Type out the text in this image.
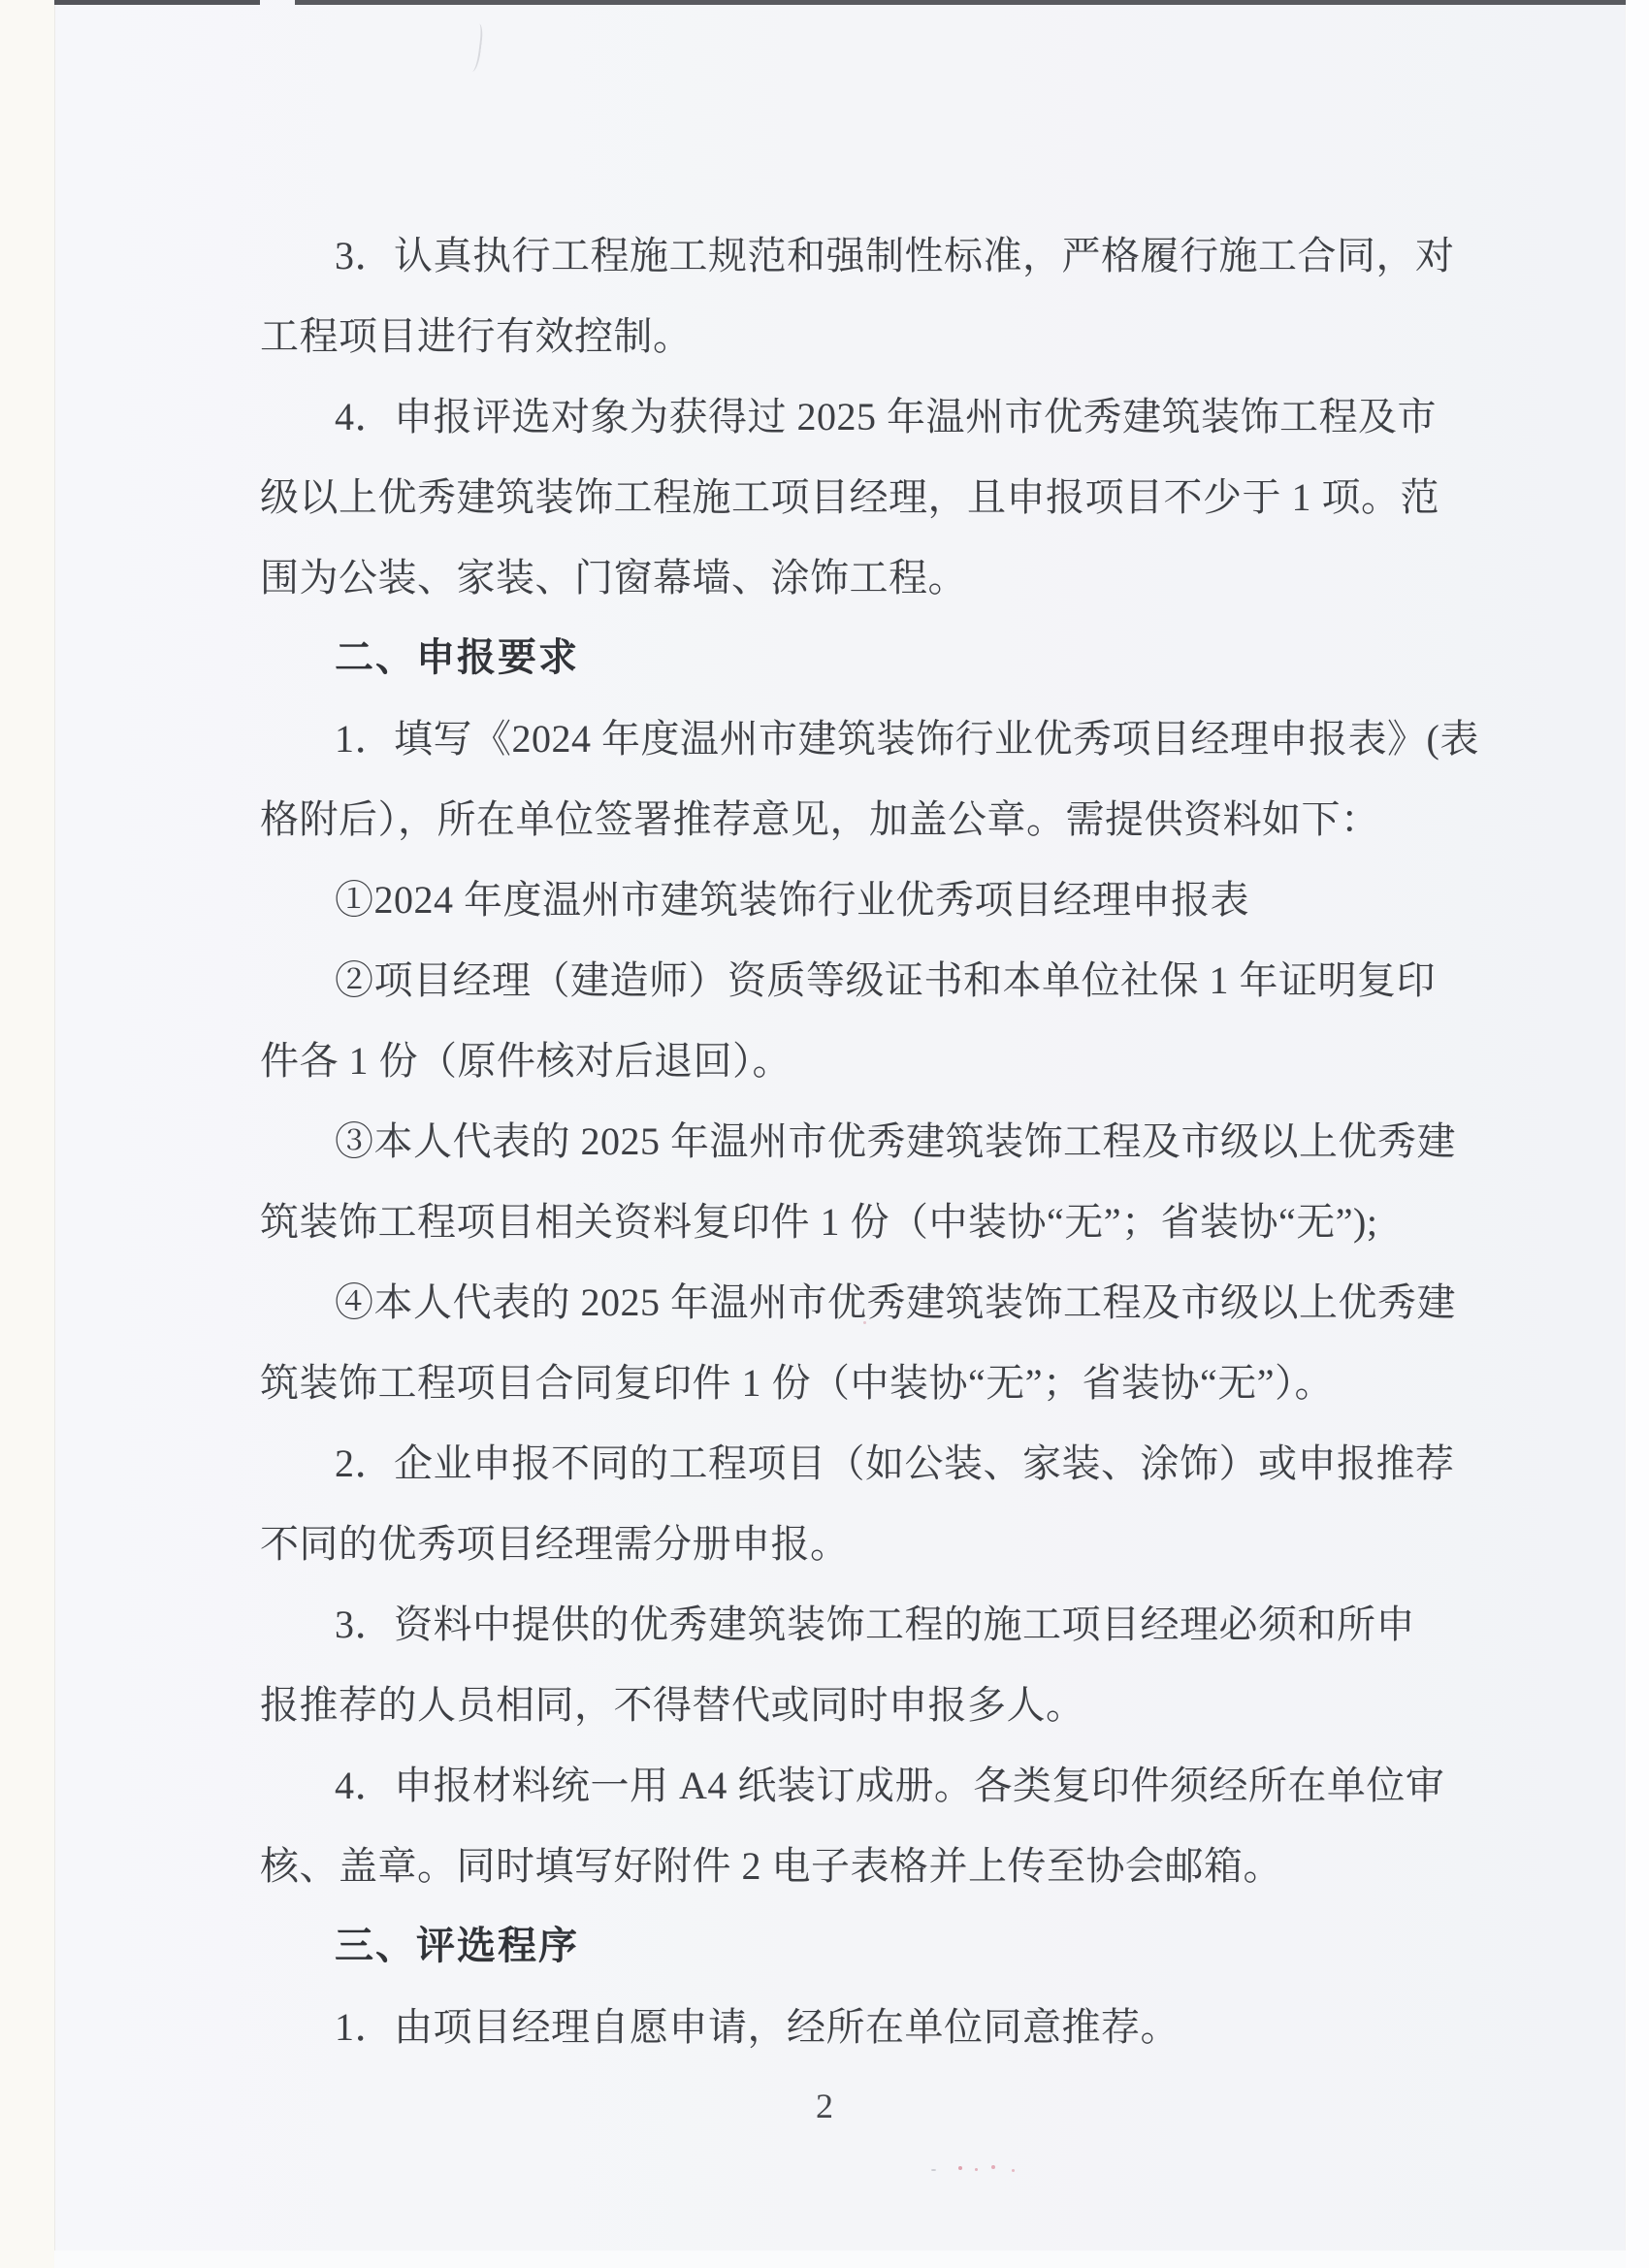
3．认真执行工程施工规范和强制性标准，严格履行施工合同，对
工程项目进行有效控制。
4．申报评选对象为获得过 2025 年温州市优秀建筑装饰工程及市
级以上优秀建筑装饰工程施工项目经理，且申报项目不少于 1 项。范
围为公装、家装、门窗幕墙、涂饰工程。
二、申报要求
1．填写《2024 年度温州市建筑装饰行业优秀项目经理申报表》(表
格附后），所在单位签署推荐意见，加盖公章。需提供资料如下：
①2024 年度温州市建筑装饰行业优秀项目经理申报表
②项目经理（建造师）资质等级证书和本单位社保 1 年证明复印
件各 1 份（原件核对后退回）。
③本人代表的 2025 年温州市优秀建筑装饰工程及市级以上优秀建
筑装饰工程项目相关资料复印件 1 份（中装协“无”；省装协“无”);
④本人代表的 2025 年温州市优秀建筑装饰工程及市级以上优秀建
筑装饰工程项目合同复印件 1 份（中装协“无”；省装协“无”）。
2．企业申报不同的工程项目（如公装、家装、涂饰）或申报推荐
不同的优秀项目经理需分册申报。
3．资料中提供的优秀建筑装饰工程的施工项目经理必须和所申
报推荐的人员相同，不得替代或同时申报多人。
4．申报材料统一用 A4 纸装订成册。各类复印件须经所在单位审
核、盖章。同时填写好附件 2 电子表格并上传至协会邮箱。
三、评选程序
1．由项目经理自愿申请，经所在单位同意推荐。
2
